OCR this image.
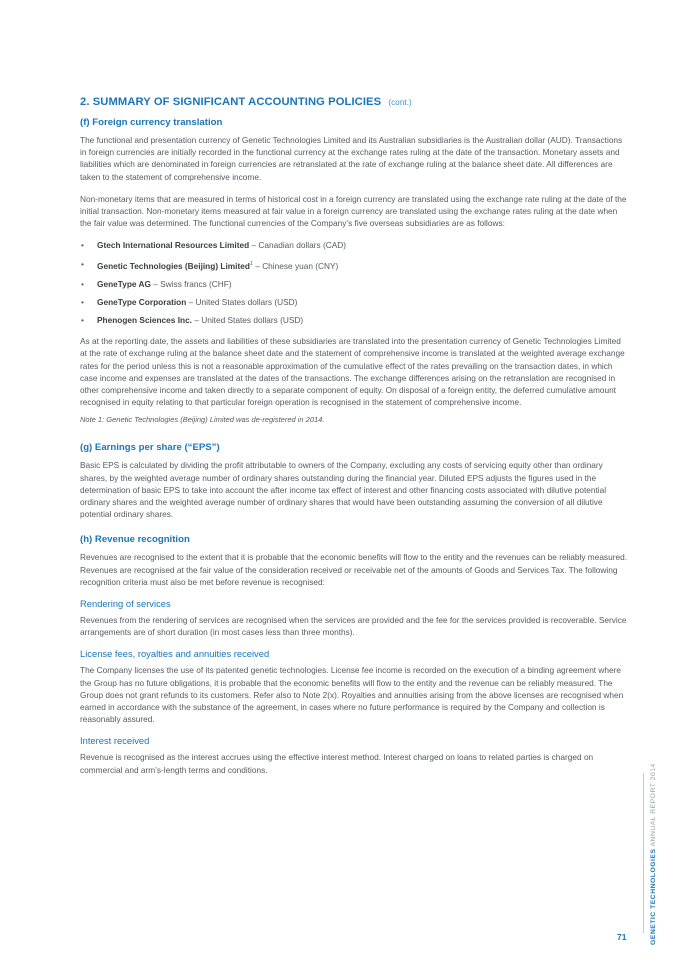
2. SUMMARY OF SIGNIFICANT ACCOUNTING POLICIES (cont.)
(f) Foreign currency translation

The functional and presentation currency of Genetic Technologies Limited and its Australian subsidiaries is the Australian dollar (AUD). Transactions in foreign currencies are initially recorded in the functional currency at the exchange rates ruling at the date of the transaction. Monetary assets and liabilities which are denominated in foreign currencies are retranslated at the rate of exchange ruling at the balance sheet date. All differences are taken to the statement of comprehensive income.

Non-monetary items that are measured in terms of historical cost in a foreign currency are translated using the exchange rate ruling at the date of the initial transaction. Non-monetary items measured at fair value in a foreign currency are translated using the exchange rates ruling at the date when the fair value was determined. The functional currencies of the Company’s five overseas subsidiaries are as follows:

• Gtech International Resources Limited – Canadian dollars (CAD)
• Genetic Technologies (Beijing) Limited$^1$ – Chinese yuan (CNY)
• GeneType AG – Swiss francs (CHF)
• GeneType Corporation – United States dollars (USD)
• Phenogen Sciences Inc. – United States dollars (USD)

As at the reporting date, the assets and liabilities of these subsidiaries are translated into the presentation currency of Genetic Technologies Limited at the rate of exchange ruling at the balance sheet date and the statement of comprehensive income is translated at the weighted average exchange rates for the period unless this is not a reasonable approximation of the cumulative effect of the rates prevailing on the transaction dates, in which case income and expenses are translated at the dates of the transactions. The exchange differences arising on the retranslation are recognised in other comprehensive income and taken directly to a separate component of equity. On disposal of a foreign entity, the deferred cumulative amount recognised in equity relating to that particular foreign operation is recognised in the statement of comprehensive income.

Note 1: Genetic Technologies (Beijing) Limited was de-registered in 2014.
(g) Earnings per share (“EPS”)

Basic EPS is calculated by dividing the profit attributable to owners of the Company, excluding any costs of servicing equity other than ordinary shares, by the weighted average number of ordinary shares outstanding during the financial year. Diluted EPS adjusts the figures used in the determination of basic EPS to take into account the after income tax effect of interest and other financing costs associated with dilutive potential ordinary shares and the weighted average number of ordinary shares that would have been outstanding assuming the conversion of all dilutive potential ordinary shares.

(h) Revenue recognition

Revenues are recognised to the extent that it is probable that the economic benefits will flow to the entity and the revenues can be reliably measured. Revenues are recognised at the fair value of the consideration received or receivable net of the amounts of Goods and Services Tax. The following recognition criteria must also be met before revenue is recognised:

Rendering of services

Revenues from the rendering of services are recognised when the services are provided and the fee for the services provided is recoverable. Service arrangements are of short duration (in most cases less than three months).

License fees, royalties and annuities received

The Company licenses the use of its patented genetic technologies. License fee income is recorded on the execution of a binding agreement where the Group has no future obligations, it is probable that the economic benefits will flow to the entity and the revenue can be reliably measured. The Group does not grant refunds to its customers. Refer also to Note 2(x). Royalties and annuities arising from the above licenses are recognised when earned in accordance with the substance of the agreement, in cases where no future performance is required by the Company and collection is reasonably assured.

Interest received

Revenue is recognised as the interest accrues using the effective interest method. Interest charged on loans to related parties is charged on commercial and arm’s-length terms and conditions.

GENETIC TECHNOLOGIES ANNUAL REPORT 2014
71
